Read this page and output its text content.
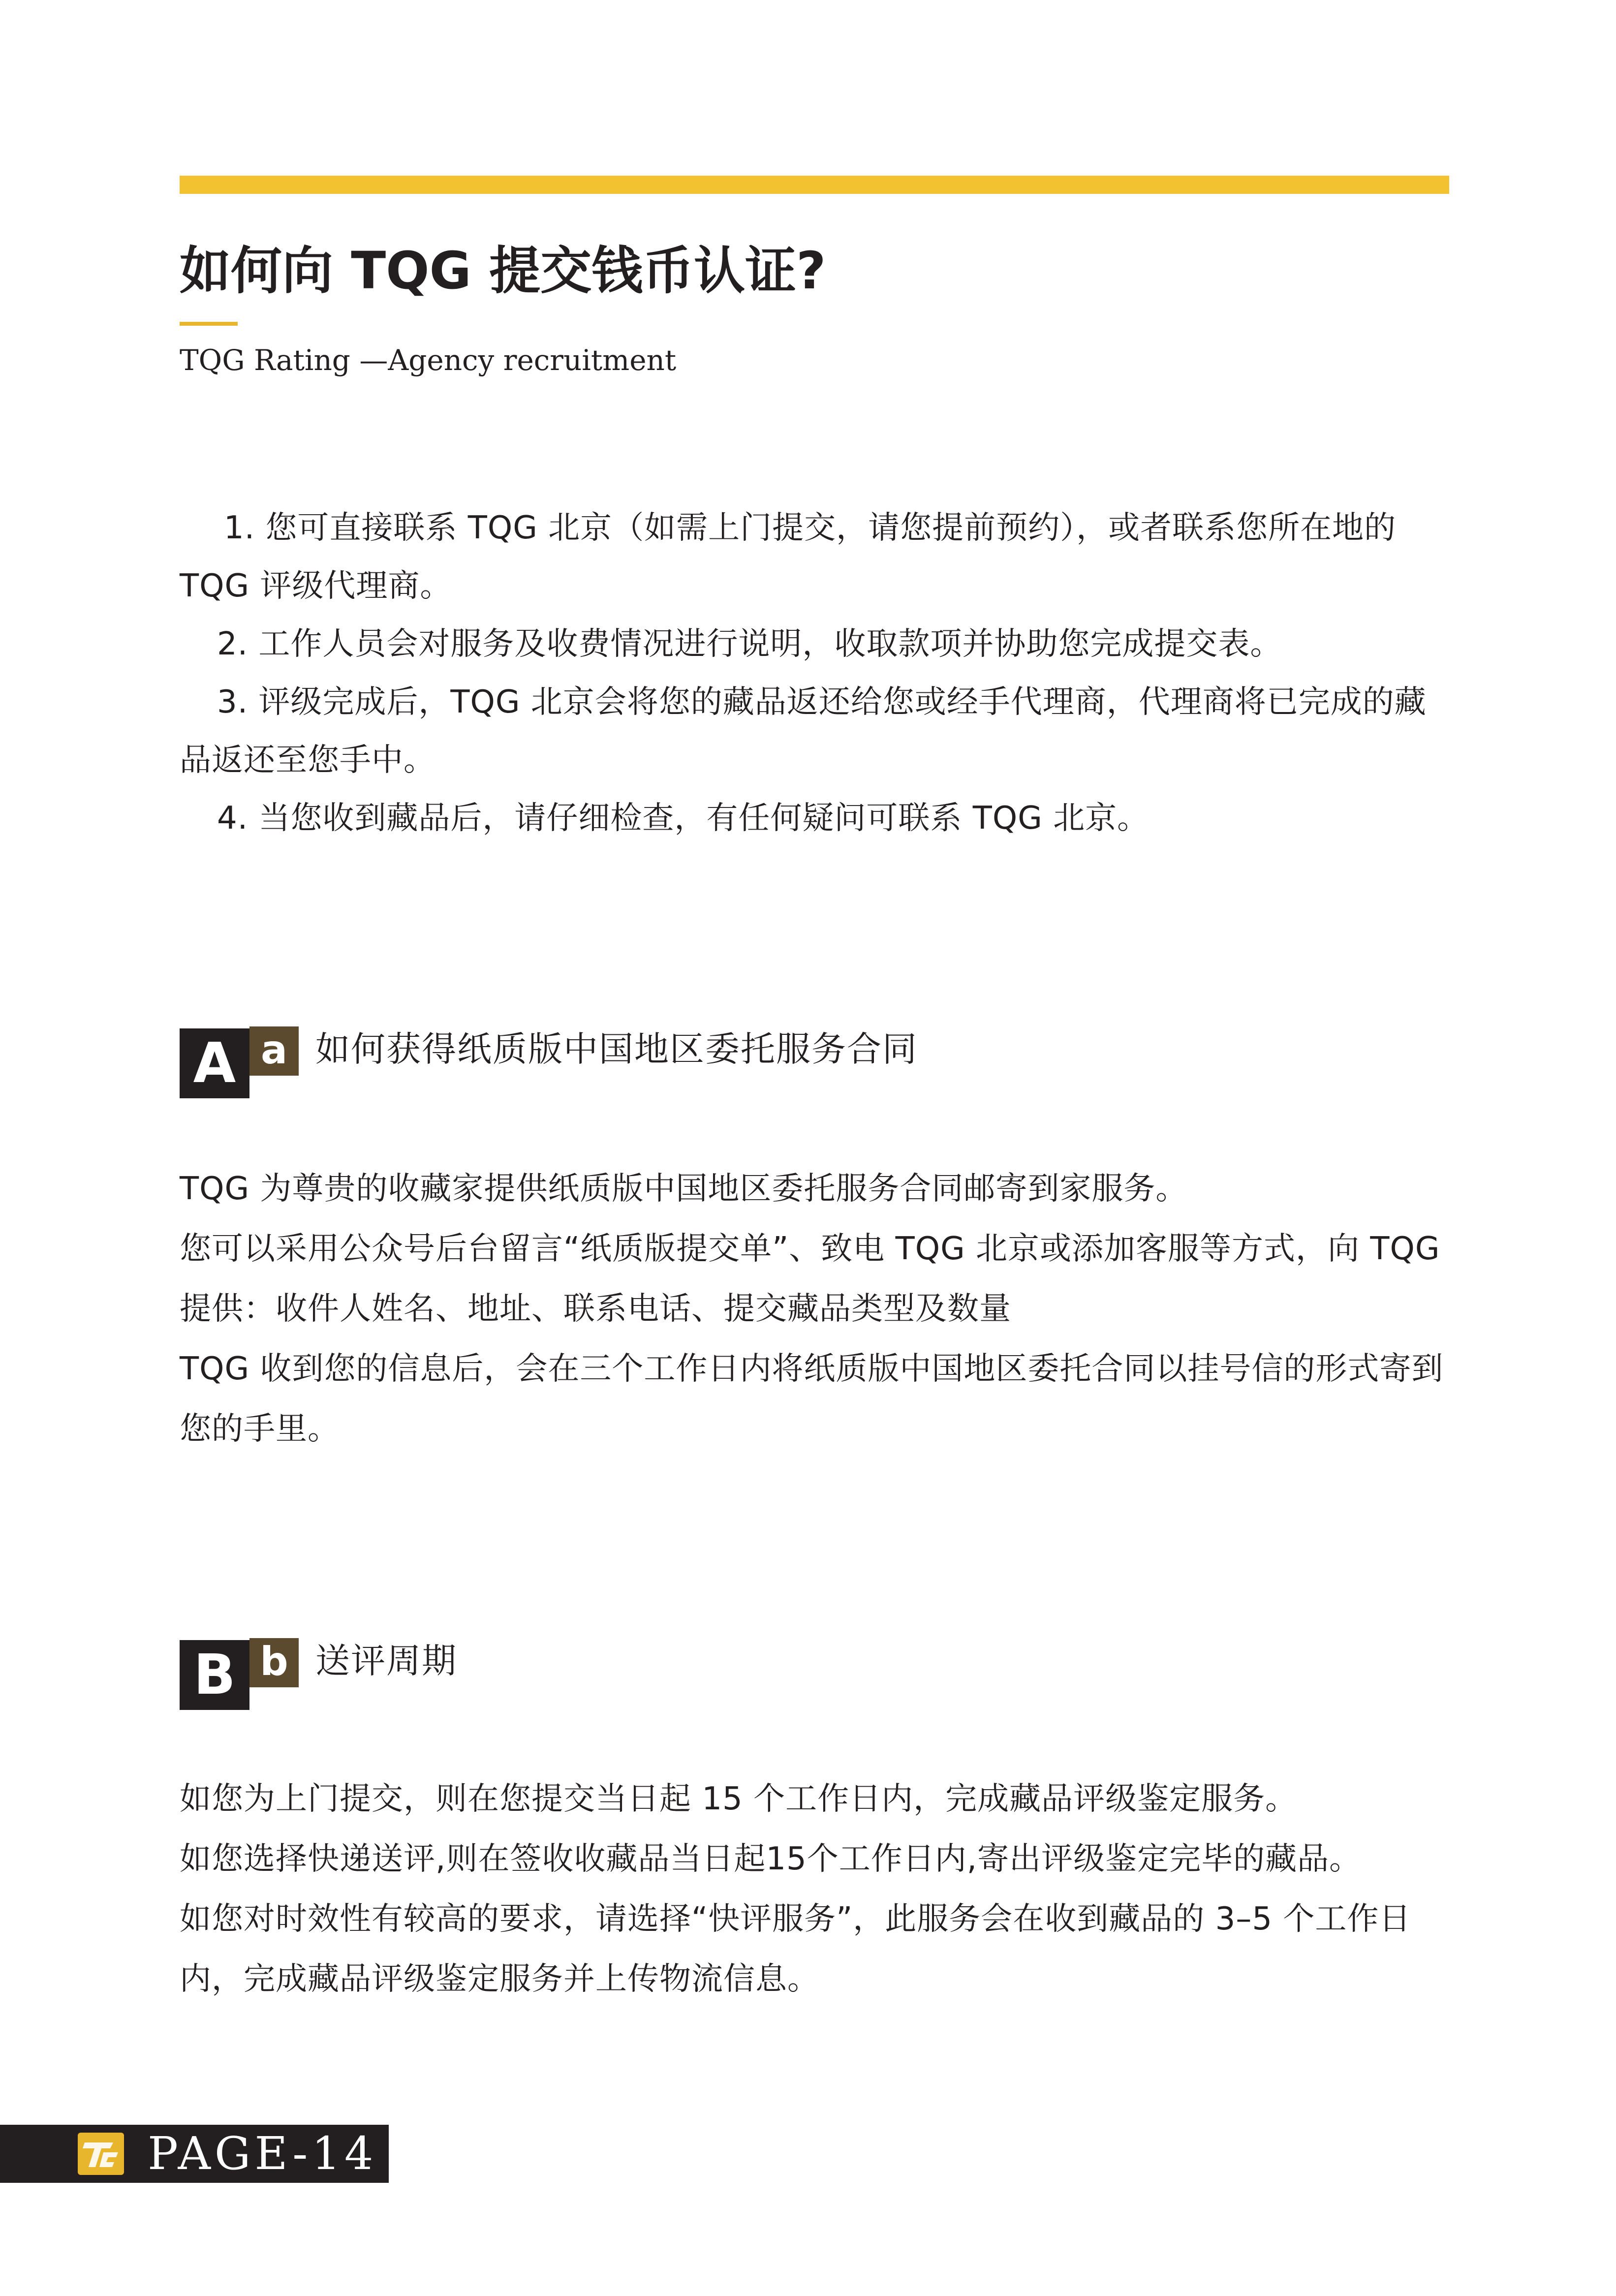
如何向 TQG 提交钱币认证?
TQG Rating —Agency recruitment

1. 您可直接联系 TQG 北京（如需上门提交，请您提前预约），或者联系您所在地的 TQG 评级代理商。

2. 工作人员会对服务及收费情况进行说明，收取款项并协助您完成提交表。

3. 评级完成后，TQG 北京会将您的藏品返还给您或经手代理商，代理商将已完成的藏品返还至您手中。

4. 当您收到藏品后，请仔细检查，有任何疑问可联系 TQG 北京。

A a 如何获得纸质版中国地区委托服务合同

TQG 为尊贵的收藏家提供纸质版中国地区委托服务合同邮寄到家服务。

您可以采用公众号后台留言“纸质版提交单”、致电 TQG 北京或添加客服等方式，向 TQG 提供：收件人姓名、地址、联系电话、提交藏品类型及数量

TQG 收到您的信息后，会在三个工作日内将纸质版中国地区委托合同以挂号信的形式寄到您的手里。

B b 送评周期

如您为上门提交，则在您提交当日起 15 个工作日内，完成藏品评级鉴定服务。

如您选择快递送评,则在签收收藏品当日起15个工作日内,寄出评级鉴定完毕的藏品。

如您对时效性有较高的要求，请选择“快评服务”，此服务会在收到藏品的 3–5 个工作日内，完成藏品评级鉴定服务并上传物流信息。

PAGE-14
